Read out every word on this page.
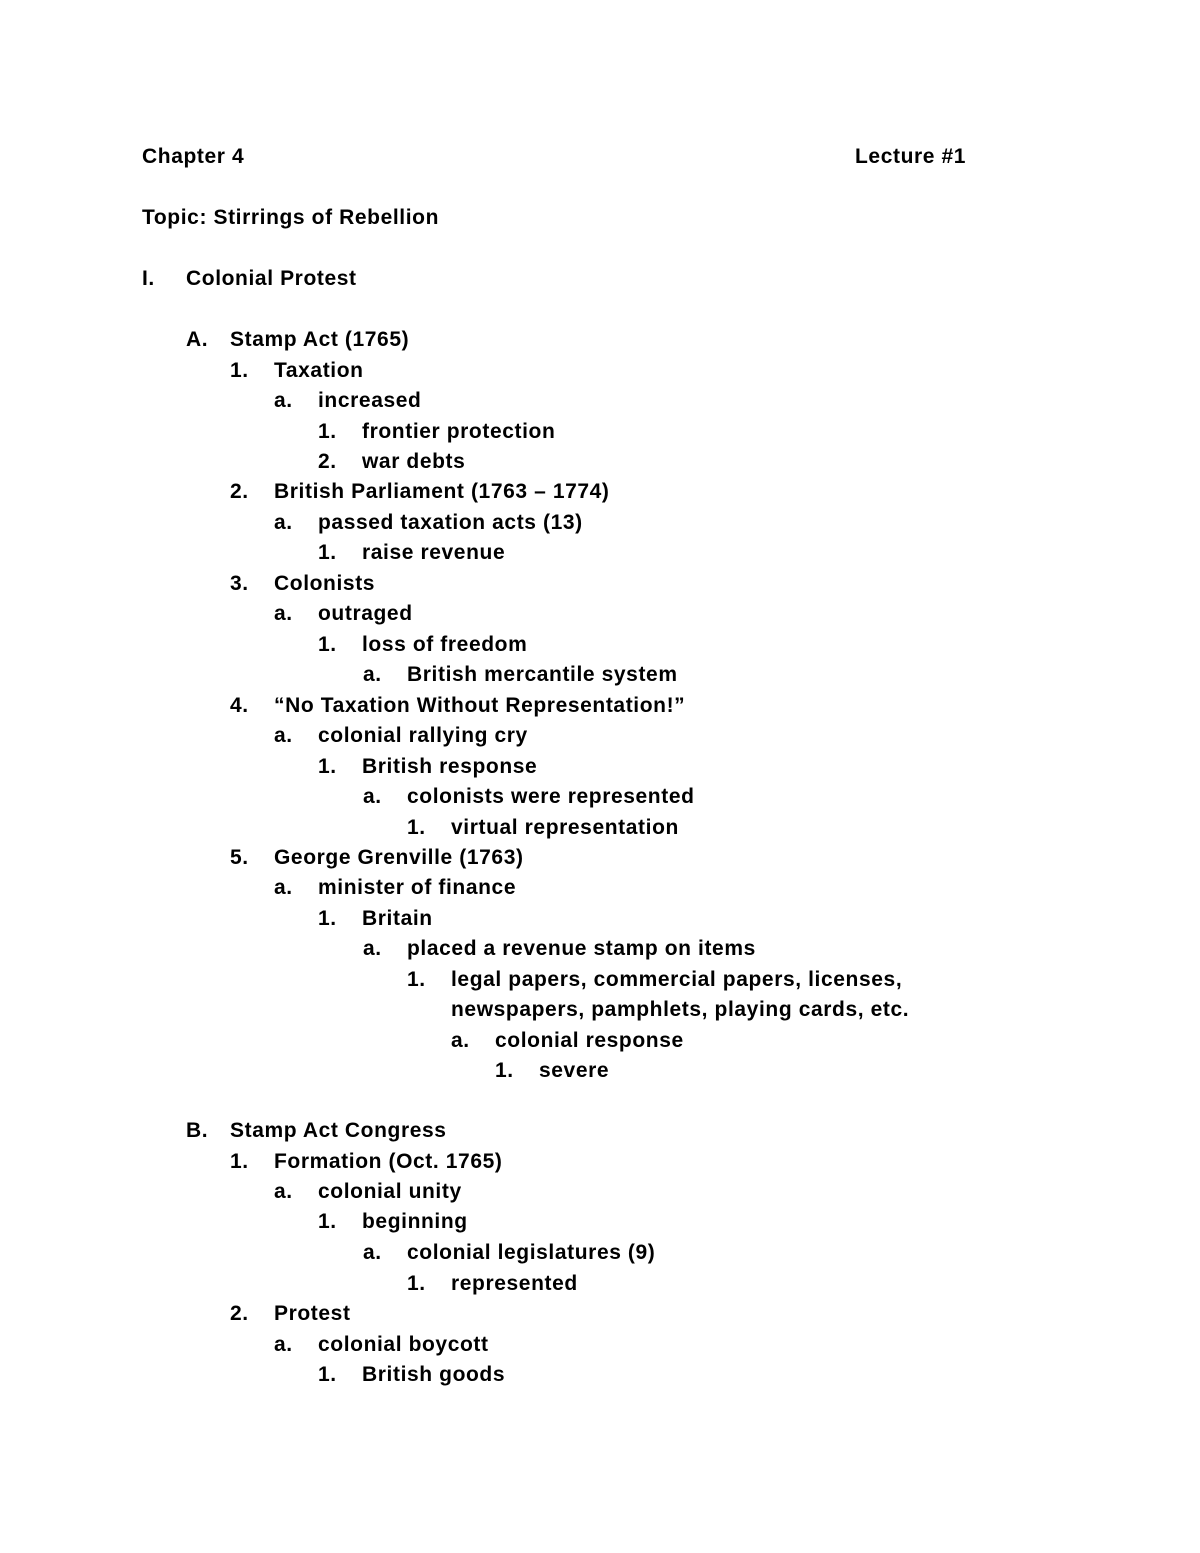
Chapter 4	Lecture #1
Topic: Stirrings of Rebellion
I. Colonial Protest
A. Stamp Act (1765)
1. Taxation
a. increased
1. frontier protection
2. war debts
2. British Parliament (1763 – 1774)
a. passed taxation acts (13)
1. raise revenue
3. Colonists
a. outraged
1. loss of freedom
a. British mercantile system
4. “No Taxation Without Representation!”
a. colonial rallying cry
1. British response
a. colonists were represented
1. virtual representation
5. George Grenville (1763)
a. minister of finance
1. Britain
a. placed a revenue stamp on items
1. legal papers, commercial papers, licenses,
newspapers, pamphlets, playing cards, etc.
a. colonial response
1. severe
B. Stamp Act Congress
1. Formation (Oct. 1765)
a. colonial unity
1. beginning
a. colonial legislatures (9)
1. represented
2. Protest
a. colonial boycott
1. British goods
